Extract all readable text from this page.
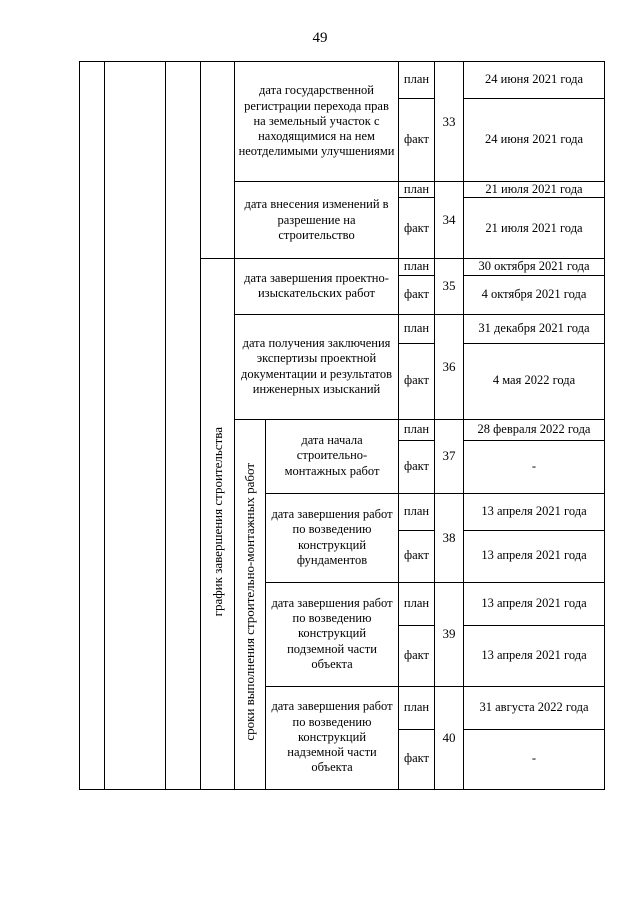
49
				дата государственной регистрации перехода прав на земельный участок с находящимися на нем неотделимыми улучшениями		план	33	24 июня 2021 года
						факт		24 июня 2021 года
				дата внесения изменений в разрешение на строительство		план	34	21 июля 2021 года
						факт		21 июля 2021 года
			график завершения строительства	дата завершения проектно-изыскательских работ		план	35	30 октября 2021 года
						факт		4 октября 2021 года
				дата получения заключения экспертизы проектной документации и результатов инженерных изысканий		план	36	31 декабря 2021 года
						факт		4 мая 2022 года
				сроки выполнения строительно-монтажных работ	дата начала строительно-монтажных работ	план	37	28 февраля 2022 года
						факт		-
					дата завершения работ по возведению конструкций фундаментов	план	38	13 апреля 2021 года
						факт		13 апреля 2021 года
					дата завершения работ по возведению конструкций подземной части объекта	план	39	13 апреля 2021 года
						факт		13 апреля 2021 года
					дата завершения работ по возведению конструкций надземной части объекта	план	40	31 августа 2022 года
						факт		-
